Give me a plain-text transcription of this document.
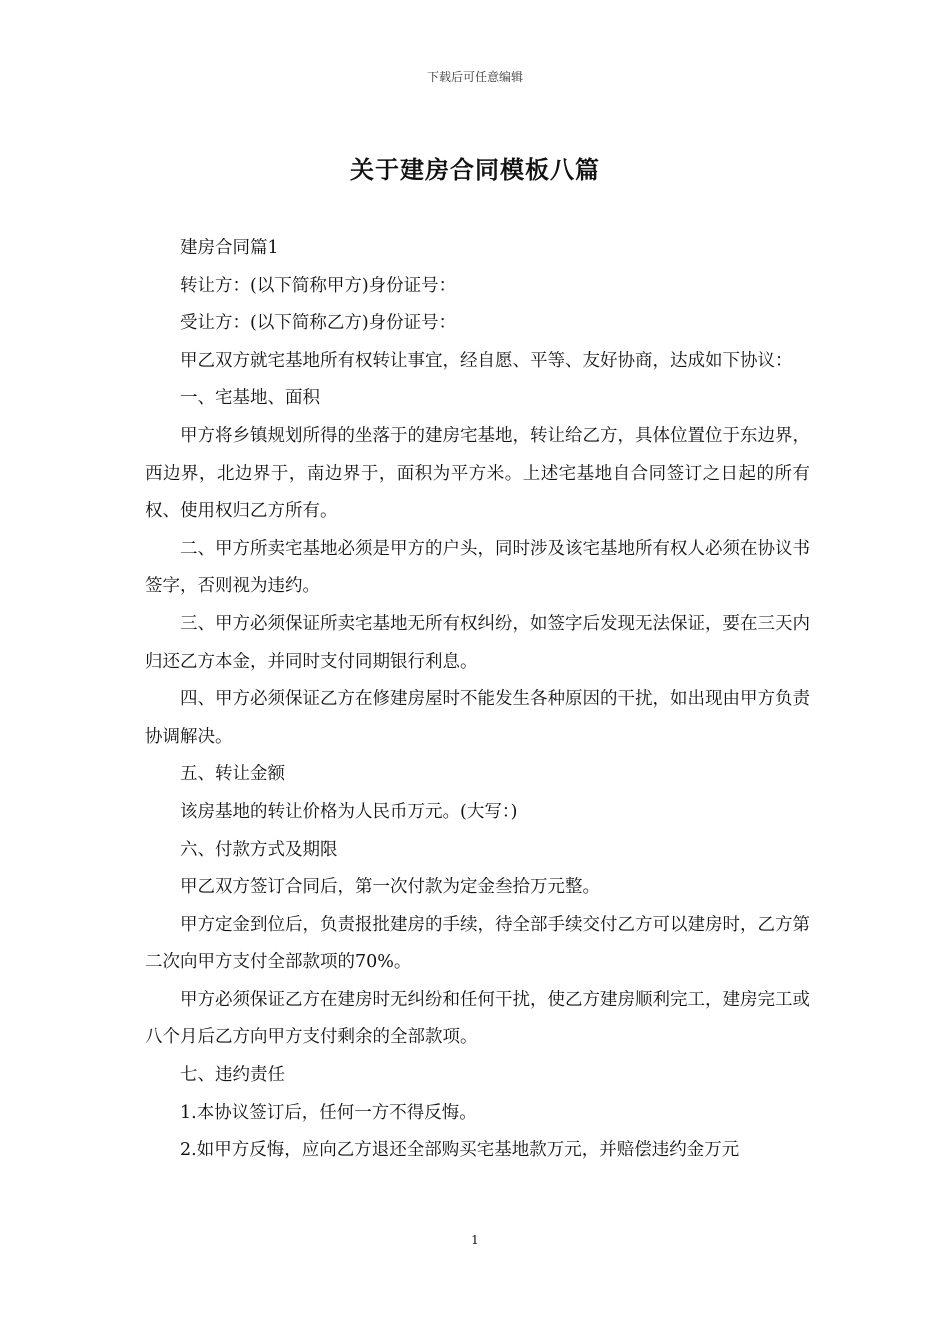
下载后可任意编辑
关于建房合同模板八篇

建房合同篇1

转让方：(以下简称甲方)身份证号：

受让方：(以下简称乙方)身份证号：

甲乙双方就宅基地所有权转让事宜，经自愿、平等、友好协商，达成如下协议：

一、宅基地、面积

甲方将乡镇规划所得的坐落于的建房宅基地，转让给乙方，具体位置位于东边界，西边界，北边界于，南边界于，面积为平方米。上述宅基地自合同签订之日起的所有权、使用权归乙方所有。

二、甲方所卖宅基地必须是甲方的户头，同时涉及该宅基地所有权人必须在协议书签字，否则视为违约。

三、甲方必须保证所卖宅基地无所有权纠纷，如签字后发现无法保证，要在三天内归还乙方本金，并同时支付同期银行利息。

四、甲方必须保证乙方在修建房屋时不能发生各种原因的干扰，如出现由甲方负责协调解决。

五、转让金额

该房基地的转让价格为人民币万元。(大写：)

六、付款方式及期限

甲乙双方签订合同后，第一次付款为定金叁拾万元整。

甲方定金到位后，负责报批建房的手续，待全部手续交付乙方可以建房时，乙方第二次向甲方支付全部款项的70%。

甲方必须保证乙方在建房时无纠纷和任何干扰，使乙方建房顺利完工，建房完工或八个月后乙方向甲方支付剩余的全部款项。

七、违约责任

1.本协议签订后，任何一方不得反悔。

2.如甲方反悔，应向乙方退还全部购买宅基地款万元，并赔偿违约金万元

1
